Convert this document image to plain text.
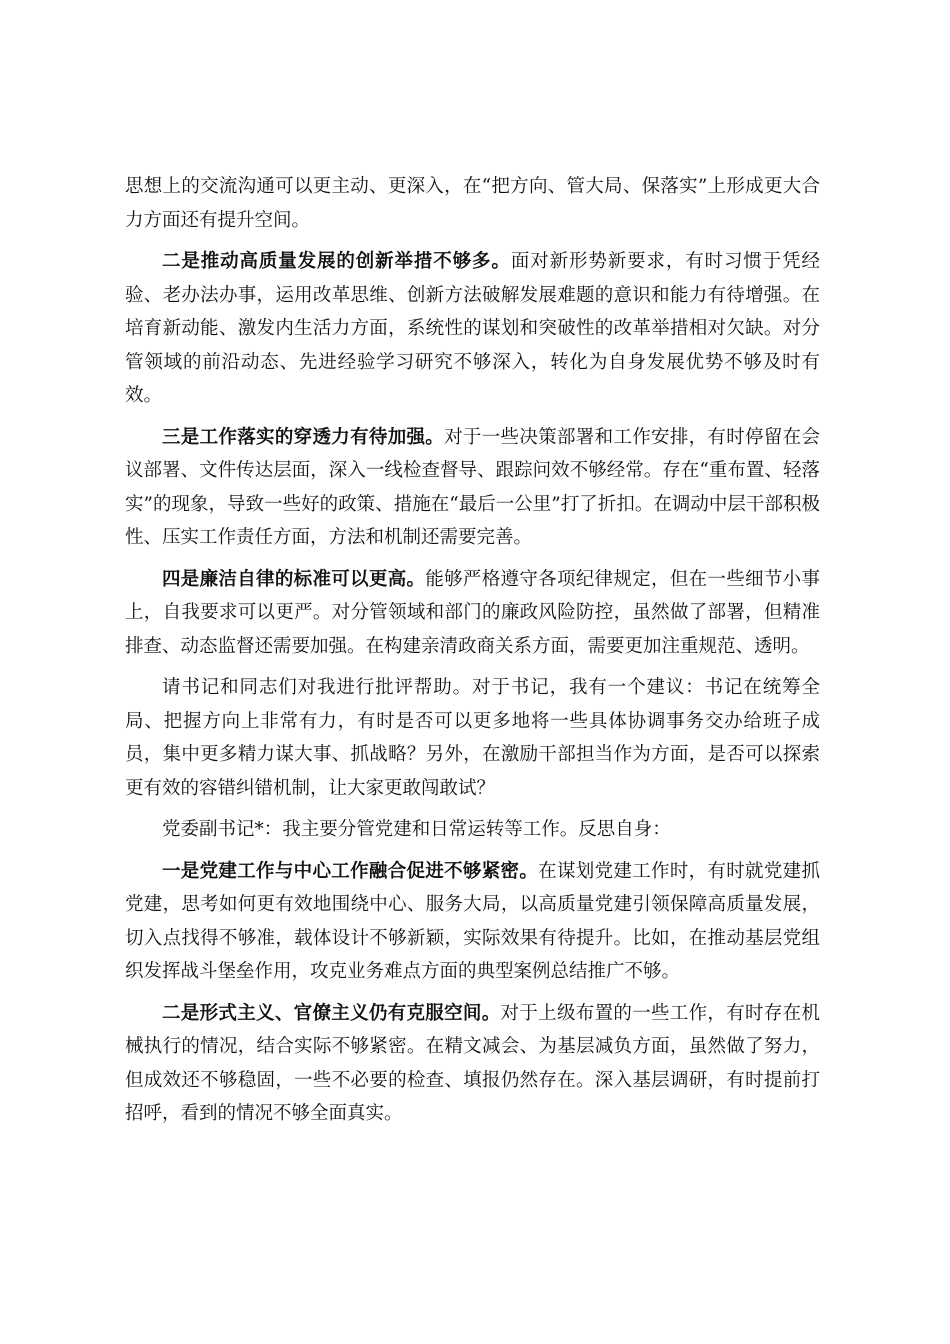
思想上的交流沟通可以更主动、更深入，在“把方向、管大局、保落实”上形成更大合力方面还有提升空间。

二是推动高质量发展的创新举措不够多。面对新形势新要求，有时习惯于凭经验、老办法办事，运用改革思维、创新方法破解发展难题的意识和能力有待增强。在培育新动能、激发内生活力方面，系统性的谋划和突破性的改革举措相对欠缺。对分管领域的前沿动态、先进经验学习研究不够深入，转化为自身发展优势不够及时有效。

三是工作落实的穿透力有待加强。对于一些决策部署和工作安排，有时停留在会议部署、文件传达层面，深入一线检查督导、跟踪问效不够经常。存在“重布置、轻落实”的现象，导致一些好的政策、措施在“最后一公里”打了折扣。在调动中层干部积极性、压实工作责任方面，方法和机制还需要完善。

四是廉洁自律的标准可以更高。能够严格遵守各项纪律规定，但在一些细节小事上，自我要求可以更严。对分管领域和部门的廉政风险防控，虽然做了部署，但精准排查、动态监督还需要加强。在构建亲清政商关系方面，需要更加注重规范、透明。

请书记和同志们对我进行批评帮助。对于书记，我有一个建议：书记在统筹全局、把握方向上非常有力，有时是否可以更多地将一些具体协调事务交办给班子成员，集中更多精力谋大事、抓战略？另外，在激励干部担当作为方面，是否可以探索更有效的容错纠错机制，让大家更敢闯敢试？

党委副书记*：我主要分管党建和日常运转等工作。反思自身：

一是党建工作与中心工作融合促进不够紧密。在谋划党建工作时，有时就党建抓党建，思考如何更有效地围绕中心、服务大局，以高质量党建引领保障高质量发展，切入点找得不够准，载体设计不够新颖，实际效果有待提升。比如，在推动基层党组织发挥战斗堡垒作用，攻克业务难点方面的典型案例总结推广不够。

二是形式主义、官僚主义仍有克服空间。对于上级布置的一些工作，有时存在机械执行的情况，结合实际不够紧密。在精文减会、为基层减负方面，虽然做了努力，但成效还不够稳固，一些不必要的检查、填报仍然存在。深入基层调研，有时提前打招呼，看到的情况不够全面真实。
